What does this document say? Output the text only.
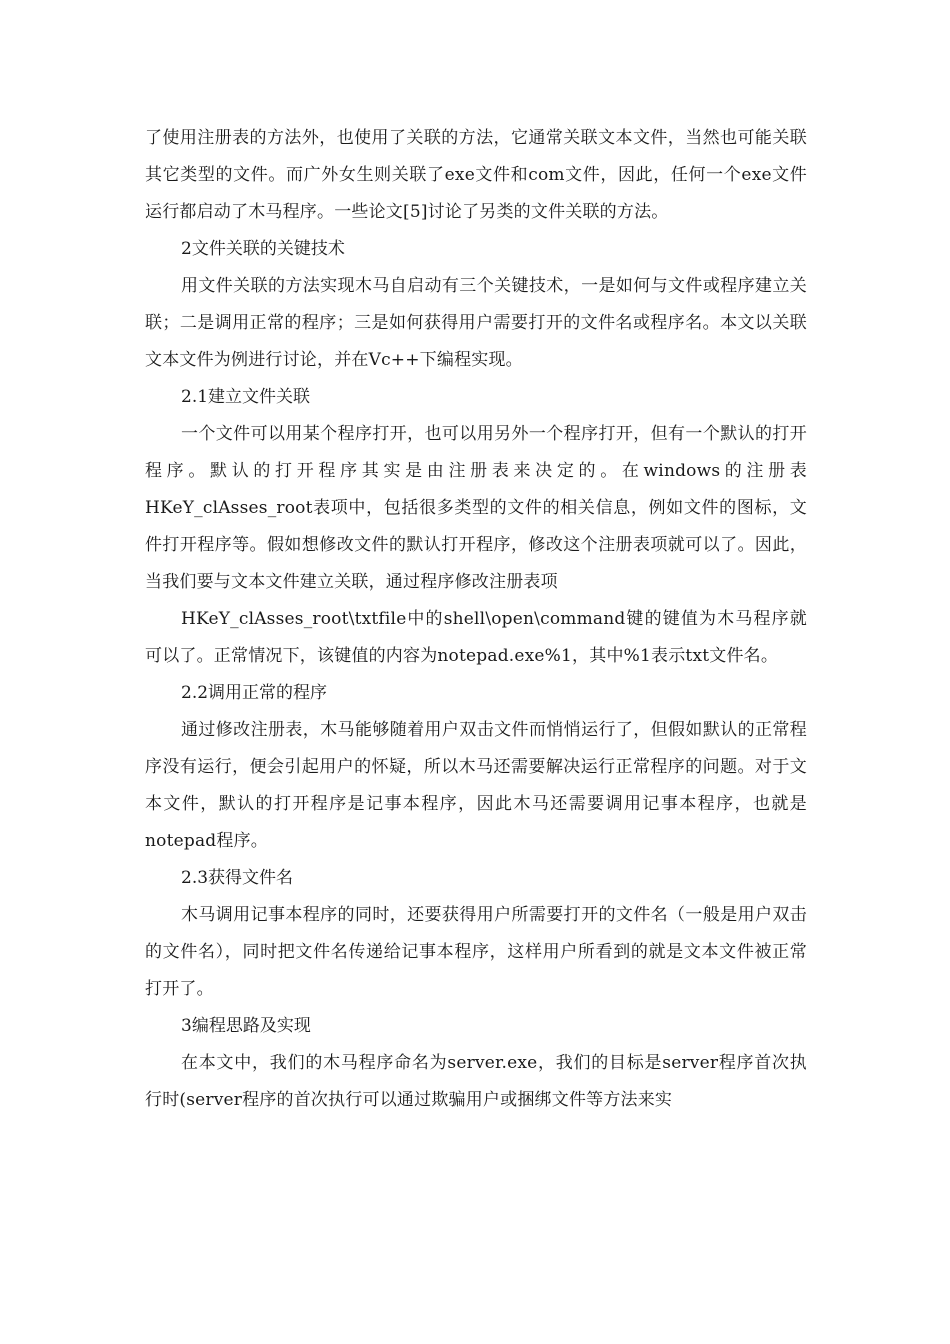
了使用注册表的方法外，也使用了关联的方法，它通常关联文本文件，当然也可能关联其它类型的文件。而广外女生则关联了exe文件和com文件，因此，任何一个exe文件运行都启动了木马程序。一些论文[5]讨论了另类的文件关联的方法。

2文件关联的关键技术

用文件关联的方法实现木马自启动有三个关键技术，一是如何与文件或程序建立关联；二是调用正常的程序；三是如何获得用户需要打开的文件名或程序名。本文以关联文本文件为例进行讨论，并在Vc++下编程实现。

2.1建立文件关联

一个文件可以用某个程序打开，也可以用另外一个程序打开，但有一个默认的打开程序。默认的打开程序其实是由注册表来决定的。在windows的注册表HKeY_clAsses_root表项中，包括很多类型的文件的相关信息，例如文件的图标，文件打开程序等。假如想修改文件的默认打开程序，修改这个注册表项就可以了。因此，当我们要与文本文件建立关联，通过程序修改注册表项

HKeY_clAsses_root\txtfile中的shell\open\command键的键值为木马程序就可以了。正常情况下，该键值的内容为notepad.exe%1，其中%1表示txt文件名。

2.2调用正常的程序

通过修改注册表，木马能够随着用户双击文件而悄悄运行了，但假如默认的正常程序没有运行，便会引起用户的怀疑，所以木马还需要解决运行正常程序的问题。对于文本文件，默认的打开程序是记事本程序，因此木马还需要调用记事本程序，也就是notepad程序。

2.3获得文件名

木马调用记事本程序的同时，还要获得用户所需要打开的文件名（一般是用户双击的文件名），同时把文件名传递给记事本程序，这样用户所看到的就是文本文件被正常打开了。

3编程思路及实现

在本文中，我们的木马程序命名为server.exe，我们的目标是server程序首次执行时(server程序的首次执行可以通过欺骗用户或捆绑文件等方法来实
